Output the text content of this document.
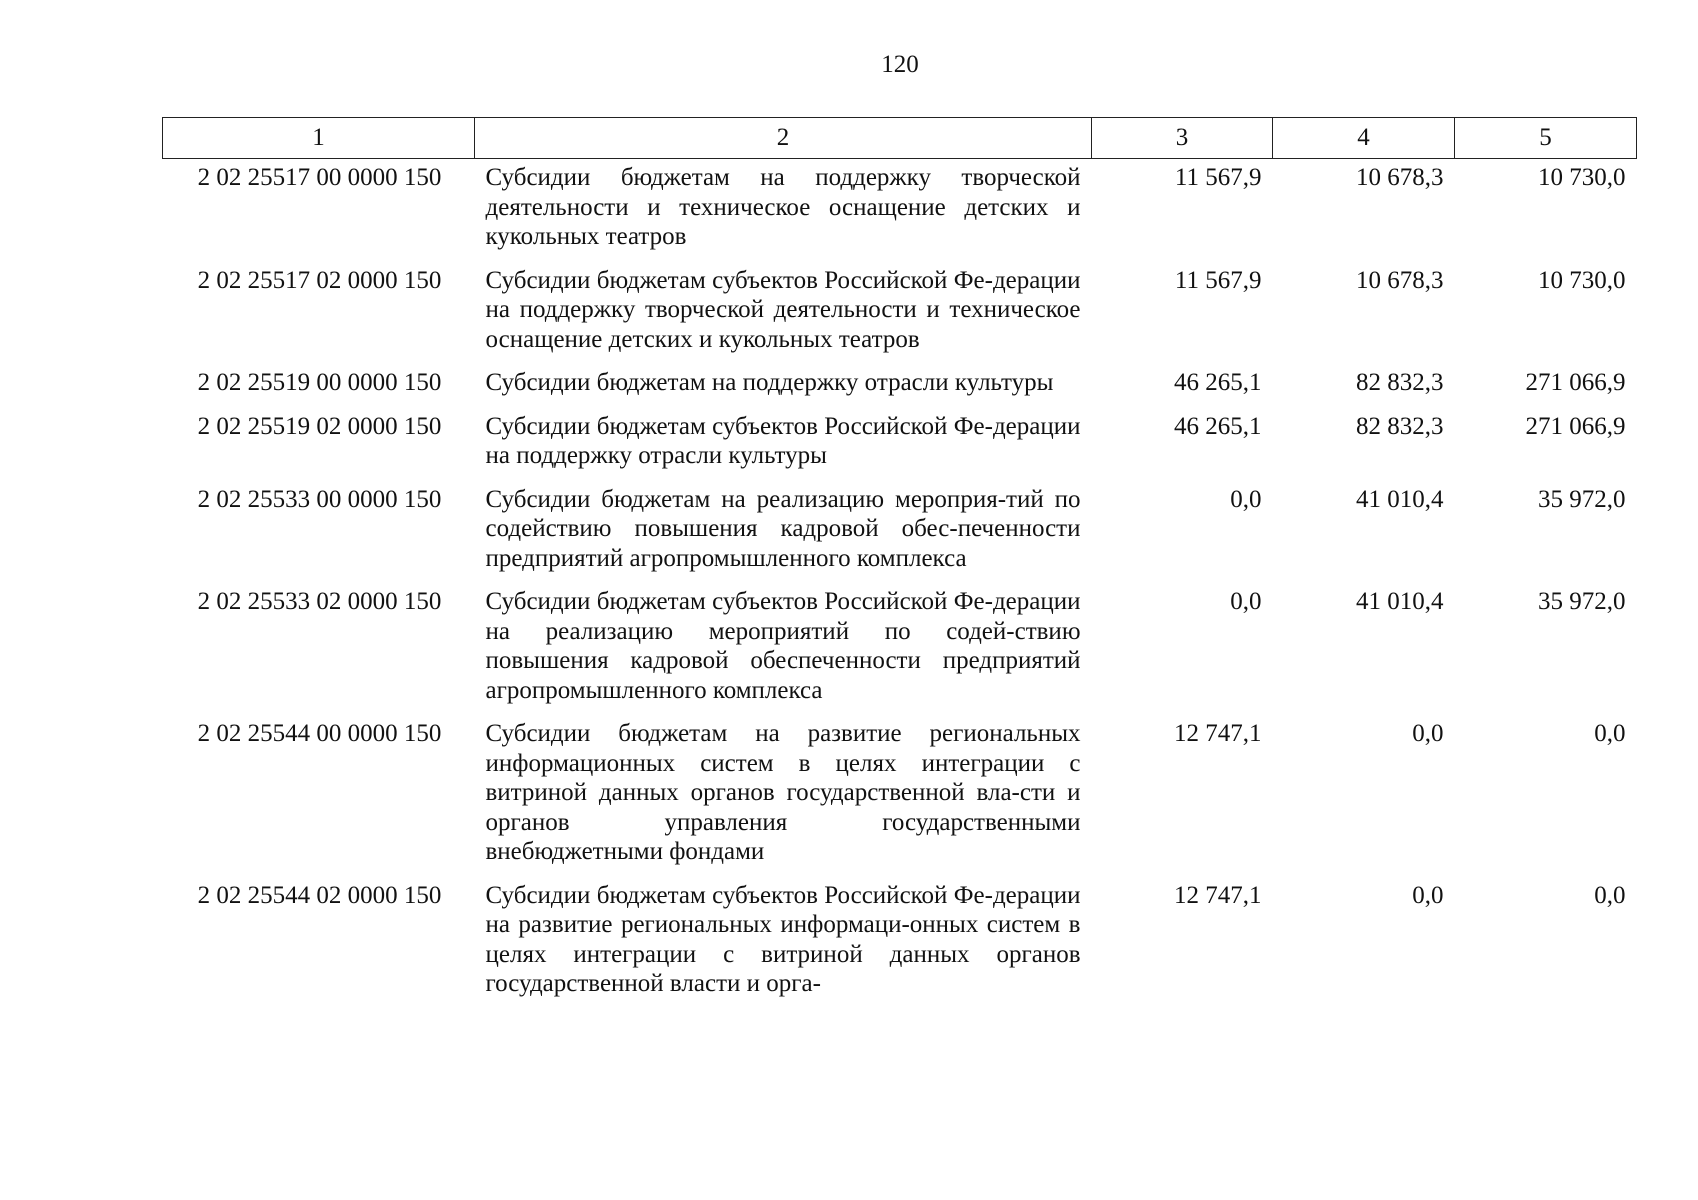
120
1	2	3	4	5
2 02 25517 00 0000 150	Субсидии бюджетам на поддержку творческой деятельности и техническое оснащение детских и кукольных театров	11 567,9	10 678,3	10 730,0
2 02 25517 02 0000 150	Субсидии бюджетам субъектов Российской Фе-дерации на поддержку творческой деятельности и техническое оснащение детских и кукольных театров	11 567,9	10 678,3	10 730,0
2 02 25519 00 0000 150	Субсидии бюджетам на поддержку отрасли культуры	46 265,1	82 832,3	271 066,9
2 02 25519 02 0000 150	Субсидии бюджетам субъектов Российской Фе-дерации на поддержку отрасли культуры	46 265,1	82 832,3	271 066,9
2 02 25533 00 0000 150	Субсидии бюджетам на реализацию мероприя-тий по содействию повышения кадровой обес-печенности предприятий агропромышленного комплекса	0,0	41 010,4	35 972,0
2 02 25533 02 0000 150	Субсидии бюджетам субъектов Российской Фе-дерации на реализацию мероприятий по содей-ствию повышения кадровой обеспеченности предприятий агропромышленного комплекса	0,0	41 010,4	35 972,0
2 02 25544 00 0000 150	Субсидии бюджетам на развитие региональных информационных систем в целях интеграции с витриной данных органов государственной вла-сти и органов управления государственными внебюджетными фондами	12 747,1	0,0	0,0
2 02 25544 02 0000 150	Субсидии бюджетам субъектов Российской Фе-дерации на развитие региональных информаци-онных систем в целях интеграции с витриной данных органов государственной власти и орга-	12 747,1	0,0	0,0
